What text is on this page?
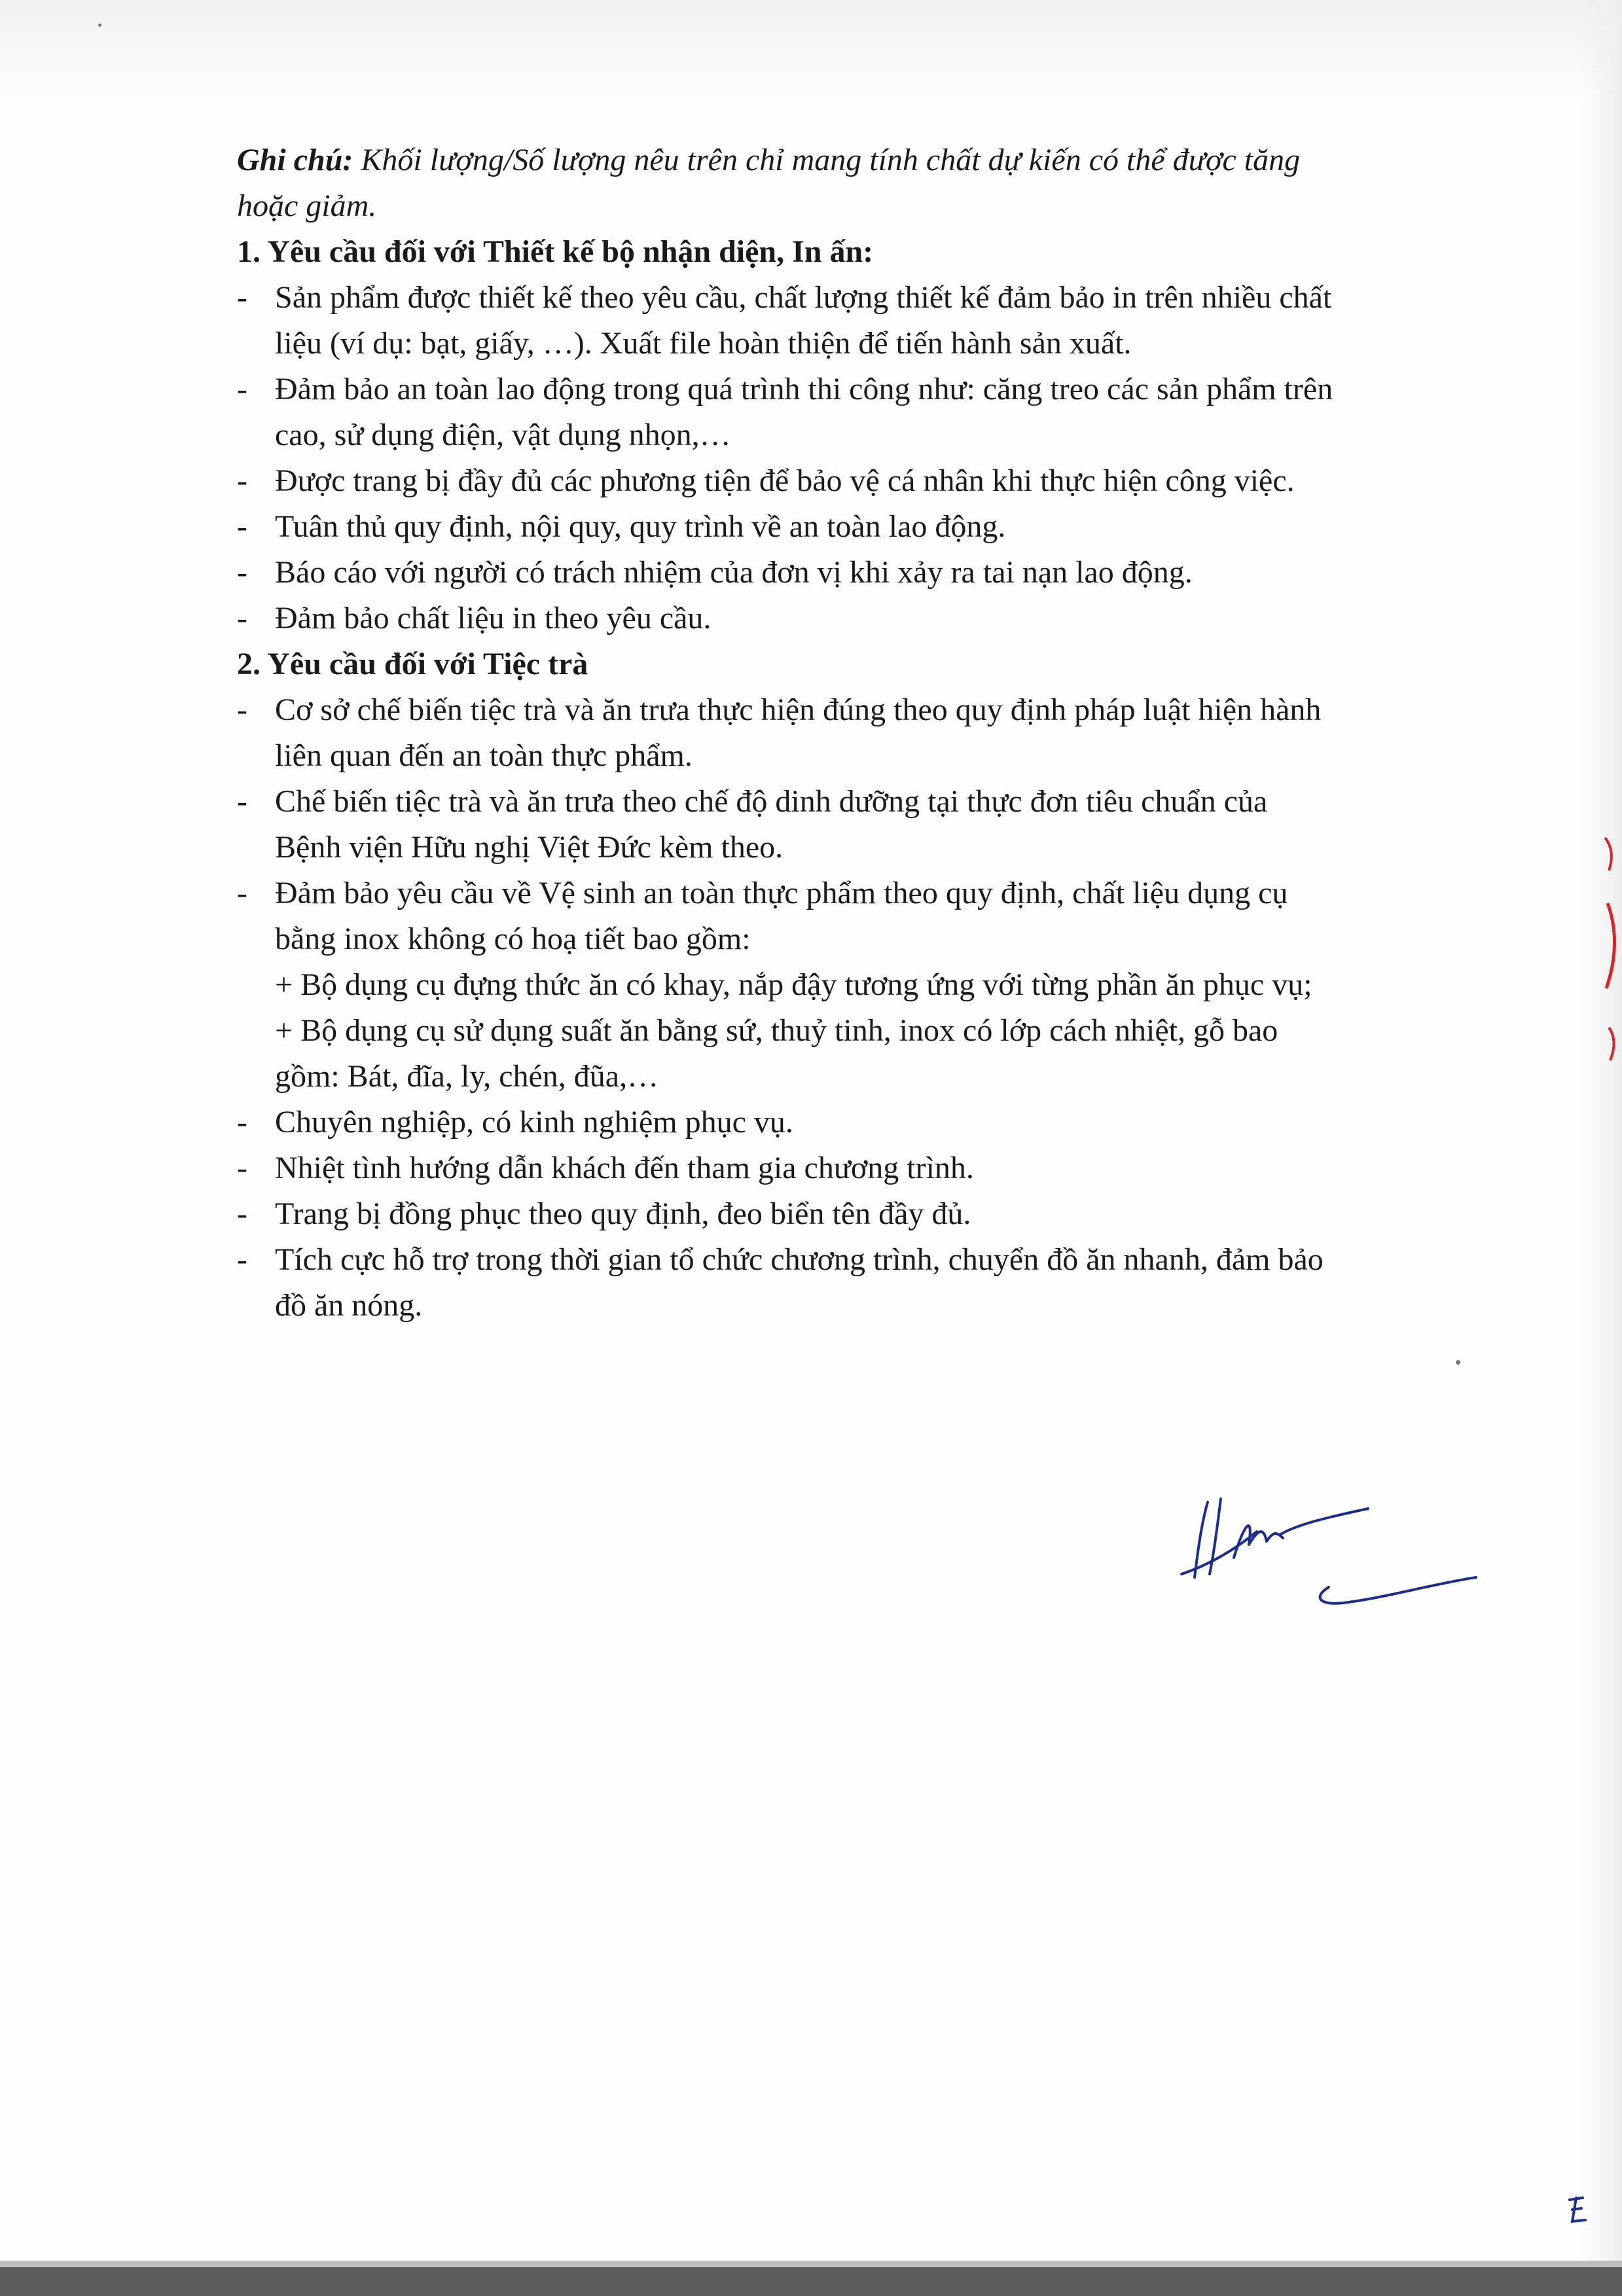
Ghi chú: Khối lượng/Số lượng nêu trên chỉ mang tính chất dự kiến có thể được tăng
hoặc giảm.
1. Yêu cầu đối với Thiết kế bộ nhận diện, In ấn:
- Sản phẩm được thiết kế theo yêu cầu, chất lượng thiết kế đảm bảo in trên nhiều chất
liệu (ví dụ: bạt, giấy, …). Xuất file hoàn thiện để tiến hành sản xuất.
- Đảm bảo an toàn lao động trong quá trình thi công như: căng treo các sản phẩm trên
cao, sử dụng điện, vật dụng nhọn,…
- Được trang bị đầy đủ các phương tiện để bảo vệ cá nhân khi thực hiện công việc.
- Tuân thủ quy định, nội quy, quy trình về an toàn lao động.
- Báo cáo với người có trách nhiệm của đơn vị khi xảy ra tai nạn lao động.
- Đảm bảo chất liệu in theo yêu cầu.
2. Yêu cầu đối với Tiệc trà
- Cơ sở chế biến tiệc trà và ăn trưa thực hiện đúng theo quy định pháp luật hiện hành
liên quan đến an toàn thực phẩm.
- Chế biến tiệc trà và ăn trưa theo chế độ dinh dưỡng tại thực đơn tiêu chuẩn của
Bệnh viện Hữu nghị Việt Đức kèm theo.
- Đảm bảo yêu cầu về Vệ sinh an toàn thực phẩm theo quy định, chất liệu dụng cụ
bằng inox không có hoạ tiết bao gồm:
+ Bộ dụng cụ đựng thức ăn có khay, nắp đậy tương ứng với từng phần ăn phục vụ;
+ Bộ dụng cụ sử dụng suất ăn bằng sứ, thuỷ tinh, inox có lớp cách nhiệt, gỗ bao
gồm: Bát, đĩa, ly, chén, đũa,…
- Chuyên nghiệp, có kinh nghiệm phục vụ.
- Nhiệt tình hướng dẫn khách đến tham gia chương trình.
- Trang bị đồng phục theo quy định, đeo biển tên đầy đủ.
- Tích cực hỗ trợ trong thời gian tổ chức chương trình, chuyển đồ ăn nhanh, đảm bảo
đồ ăn nóng.
